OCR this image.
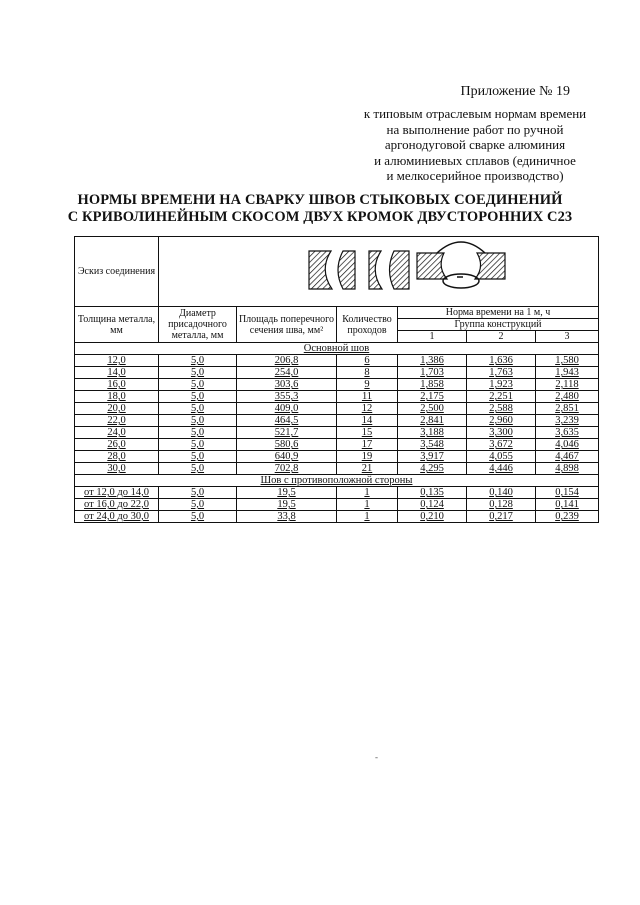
Приложение № 19
к типовым отраслевым нормам времени
на выполнение работ по ручной
аргонодуговой сварке алюминия
и алюминиевых сплавов (единичное
и мелкосерийное производство)
НОРМЫ ВРЕМЕНИ НА СВАРКУ ШВОВ СТЫКОВЫХ СОЕДИНЕНИЙ
С КРИВОЛИНЕЙНЫМ СКОСОМ ДВУХ КРОМОК ДВУСТОРОННИХ С23
Эскиз соединения	
Толщина металла, мм	Диаметр присадочного металла, мм	Площадь поперечного сечения шва, мм²	Количество проходов	Норма времени на 1 м, ч		
				Группа конструкций		
				1	2	3
Основной шов						
12,0	5,0	206,8	6	1,386	1,636	1,580
14,0	5,0	254,0	8	1,703	1,763	1,943
16,0	5,0	303,6	9	1,858	1,923	2,118
18,0	5,0	355,3	11	2,175	2,251	2,480
20,0	5,0	409,0	12	2,500	2,588	2,851
22,0	5,0	464,5	14	2,841	2,960	3,239
24,0	5,0	521,7	15	3,188	3,300	3,635
26,0	5,0	580,6	17	3,548	3,672	4,046
28,0	5,0	640,9	19	3,917	4,055	4,467
30,0	5,0	702,8	21	4,295	4,446	4,898
Шов с противоположной стороны						
от 12,0 до 14,0	5,0	19,5	1	0,135	0,140	0,154
от 16,0 до 22,0	5,0	19,5	1	0,124	0,128	0,141
от 24,0 до 30,0	5,0	33,8	1	0,210	0,217	0,239
-
